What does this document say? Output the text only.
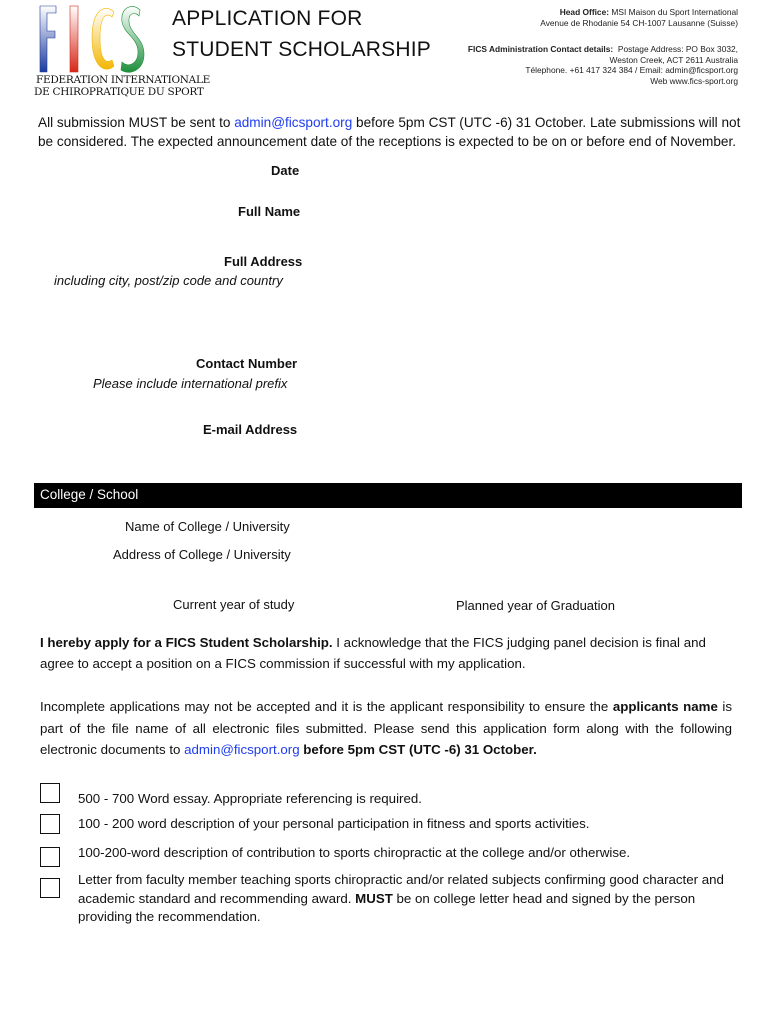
FEDERATION INTERNATIONALE
DE CHIROPRATIQUE DU SPORT
APPLICATION FOR
STUDENT SCHOLARSHIP
Head Office: MSI Maison du Sport International
Avenue de Rhodanie 54 CH-1007 Lausanne (Suisse)
FICS Administration Contact details: Postage Address: PO Box 3032,
Weston Creek, ACT 2611 Australia
Télephone. +61 417 324 384 / Email: admin@ficsport.org
Web www.fics-sport.org
All submission MUST be sent to admin@ficsport.org before 5pm CST (UTC -6) 31 October. Late submissions will not be considered. The expected announcement date of the receptions is expected to be on or before end of November.
Date
Full Name
Full Address
including city, post/zip code and country
Contact Number
Please include international prefix
E-mail Address
College / School
Name of College / University
Address of College / University
Current year of study	Planned year of Graduation
I hereby apply for a FICS Student Scholarship. I acknowledge that the FICS judging panel decision is final and agree to accept a position on a FICS commission if successful with my application.
Incomplete applications may not be accepted and it is the applicant responsibility to ensure the applicants name is part of the file name of all electronic files submitted. Please send this application form along with the following electronic documents to admin@ficsport.org before 5pm CST (UTC -6) 31 October.
500 - 700 Word essay. Appropriate referencing is required.
100 - 200 word description of your personal participation in fitness and sports activities.
100-200-word description of contribution to sports chiropractic at the college and/or otherwise.
Letter from faculty member teaching sports chiropractic and/or related subjects confirming good character and academic standard and recommending award. MUST be on college letter head and signed by the person providing the recommendation.
